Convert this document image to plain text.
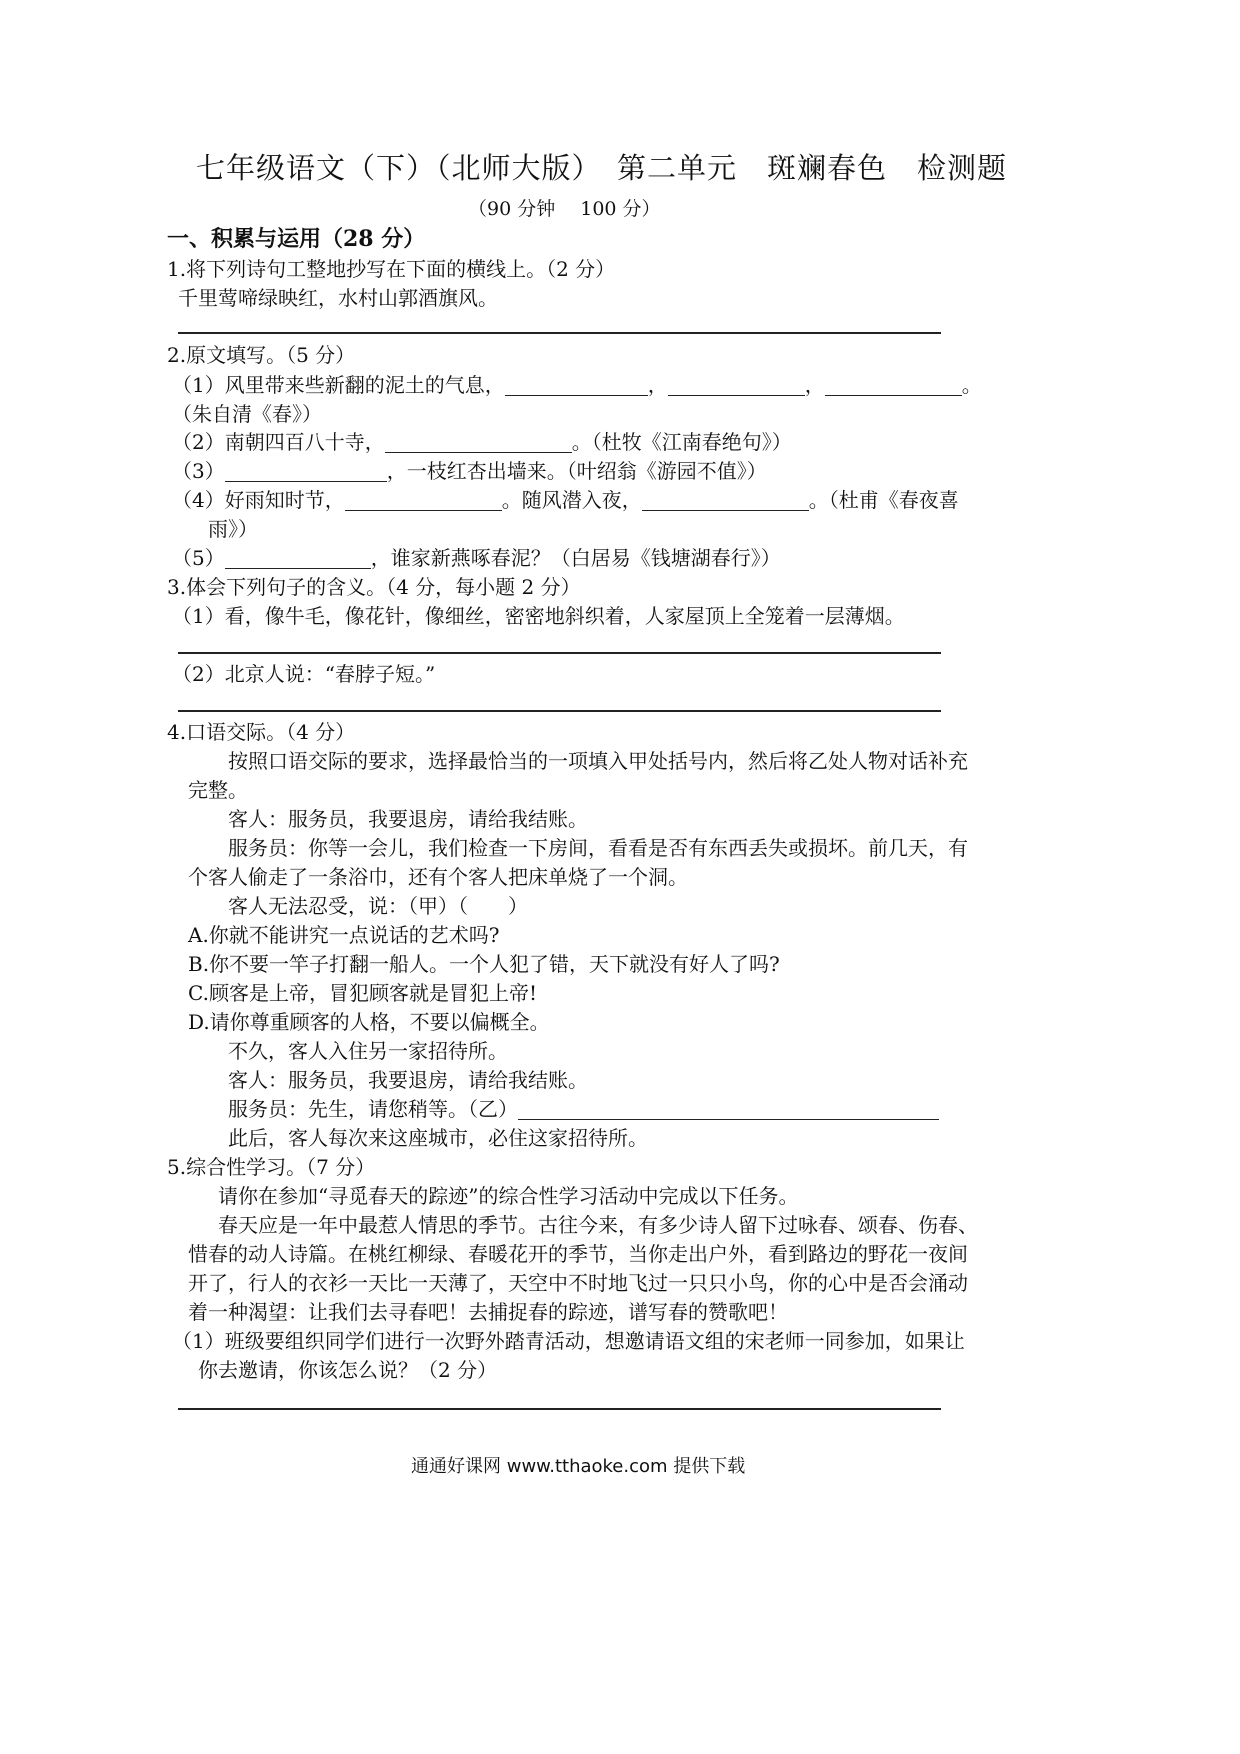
七年级语文（下）（北师大版）　第二单元　斑斓春色　检测题
（90 分钟　 100 分）
一、积累与运用（28 分）
1.将下列诗句工整地抄写在下面的横线上。（2 分）
千里莺啼绿映红，水村山郭酒旗风。
2.原文填写。（5 分）
（1）风里带来些新翻的泥土的气息，	，	，	。
（朱自清《春》）
（2）南朝四百八十寺，	。（杜牧《江南春绝句》）
（3）	，一枝红杏出墙来。（叶绍翁《游园不值》）
（4）好雨知时节，	。随风潜入夜，	。（杜甫《春夜喜
雨》）
（5）	，谁家新燕啄春泥？（白居易《钱塘湖春行》）
3.体会下列句子的含义。（4 分，每小题 2 分）
（1）看，像牛毛，像花针，像细丝，密密地斜织着，人家屋顶上全笼着一层薄烟。
（2）北京人说：“春脖子短。”
4.口语交际。（4 分）
按照口语交际的要求，选择最恰当的一项填入甲处括号内，然后将乙处人物对话补充
完整。
客人：服务员，我要退房，请给我结账。
服务员：你等一会儿，我们检查一下房间，看看是否有东西丢失或损坏。前几天，有
个客人偷走了一条浴巾，还有个客人把床单烧了一个洞。
客人无法忍受，说：（甲）（　　）
A.你就不能讲究一点说话的艺术吗?
B.你不要一竿子打翻一船人。一个人犯了错，天下就没有好人了吗?
C.顾客是上帝，冒犯顾客就是冒犯上帝!
D.请你尊重顾客的人格，不要以偏概全。
不久，客人入住另一家招待所。
客人：服务员，我要退房，请给我结账。
服务员：先生，请您稍等。（乙）
此后，客人每次来这座城市，必住这家招待所。
5.综合性学习。（7 分）
请你在参加“寻觅春天的踪迹”的综合性学习活动中完成以下任务。
春天应是一年中最惹人情思的季节。古往今来，有多少诗人留下过咏春、颂春、伤春、
惜春的动人诗篇。在桃红柳绿、春暖花开的季节，当你走出户外，看到路边的野花一夜间
开了，行人的衣衫一天比一天薄了，天空中不时地飞过一只只小鸟，你的心中是否会涌动
着一种渴望：让我们去寻春吧！去捕捉春的踪迹，谱写春的赞歌吧！
（1）班级要组织同学们进行一次野外踏青活动，想邀请语文组的宋老师一同参加，如果让
你去邀请，你该怎么说？（2 分）
通通好课网 www.tthaoke.com 提供下载
